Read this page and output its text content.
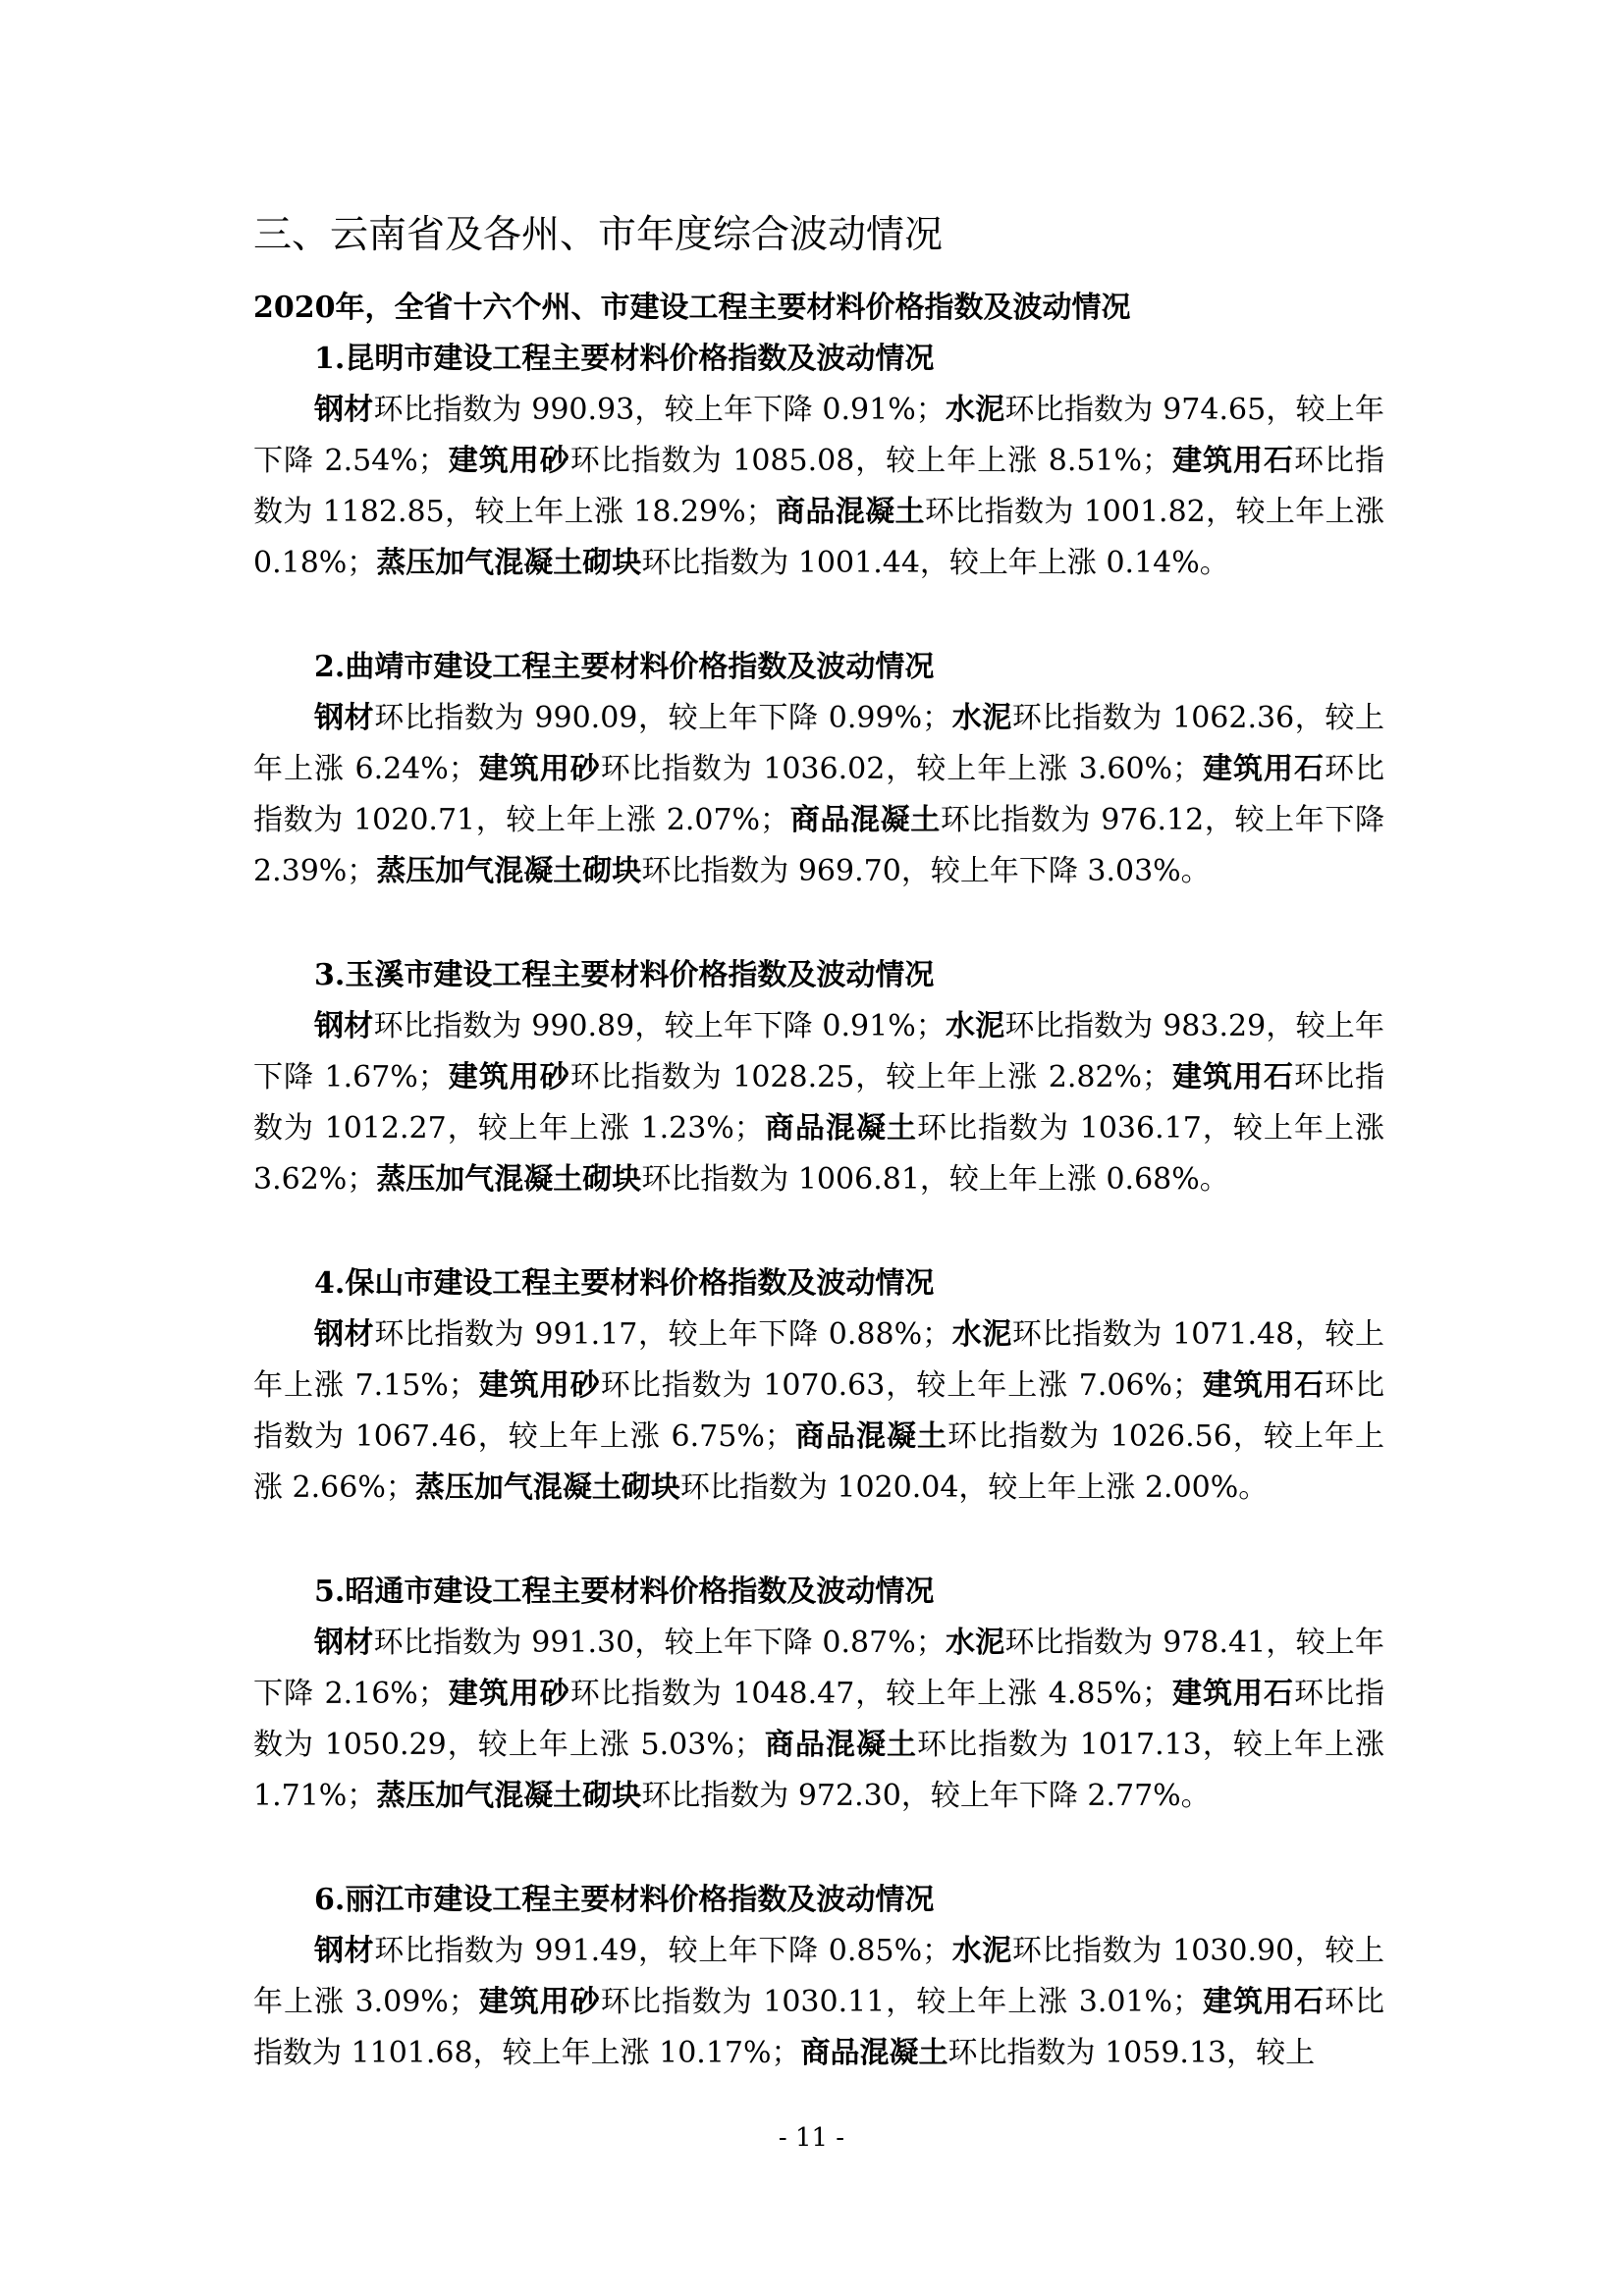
三、云南省及各州、市年度综合波动情况
2020年，全省十六个州、市建设工程主要材料价格指数及波动情况

1.昆明市建设工程主要材料价格指数及波动情况

钢材环比指数为 990.93，较上年下降 0.91%；水泥环比指数为 974.65，较上年下降 2.54%；建筑用砂环比指数为 1085.08，较上年上涨 8.51%；建筑用石环比指数为 1182.85，较上年上涨 18.29%；商品混凝土环比指数为 1001.82，较上年上涨 0.18%；蒸压加气混凝土砌块环比指数为 1001.44，较上年上涨 0.14%。

2.曲靖市建设工程主要材料价格指数及波动情况

钢材环比指数为 990.09，较上年下降 0.99%；水泥环比指数为 1062.36，较上年上涨 6.24%；建筑用砂环比指数为 1036.02，较上年上涨 3.60%；建筑用石环比指数为 1020.71，较上年上涨 2.07%；商品混凝土环比指数为 976.12，较上年下降 2.39%；蒸压加气混凝土砌块环比指数为 969.70，较上年下降 3.03%。

3.玉溪市建设工程主要材料价格指数及波动情况

钢材环比指数为 990.89，较上年下降 0.91%；水泥环比指数为 983.29，较上年下降 1.67%；建筑用砂环比指数为 1028.25，较上年上涨 2.82%；建筑用石环比指数为 1012.27，较上年上涨 1.23%；商品混凝土环比指数为 1036.17，较上年上涨 3.62%；蒸压加气混凝土砌块环比指数为 1006.81，较上年上涨 0.68%。

4.保山市建设工程主要材料价格指数及波动情况

钢材环比指数为 991.17，较上年下降 0.88%；水泥环比指数为 1071.48，较上年上涨 7.15%；建筑用砂环比指数为 1070.63，较上年上涨 7.06%；建筑用石环比指数为 1067.46，较上年上涨 6.75%；商品混凝土环比指数为 1026.56，较上年上涨 2.66%；蒸压加气混凝土砌块环比指数为 1020.04，较上年上涨 2.00%。

5.昭通市建设工程主要材料价格指数及波动情况

钢材环比指数为 991.30，较上年下降 0.87%；水泥环比指数为 978.41，较上年下降 2.16%；建筑用砂环比指数为 1048.47，较上年上涨 4.85%；建筑用石环比指数为 1050.29，较上年上涨 5.03%；商品混凝土环比指数为 1017.13，较上年上涨 1.71%；蒸压加气混凝土砌块环比指数为 972.30，较上年下降 2.77%。

6.丽江市建设工程主要材料价格指数及波动情况

钢材环比指数为 991.49，较上年下降 0.85%；水泥环比指数为 1030.90，较上年上涨 3.09%；建筑用砂环比指数为 1030.11，较上年上涨 3.01%；建筑用石环比指数为 1101.68，较上年上涨 10.17%；商品混凝土环比指数为 1059.13，较上

- 11 -
